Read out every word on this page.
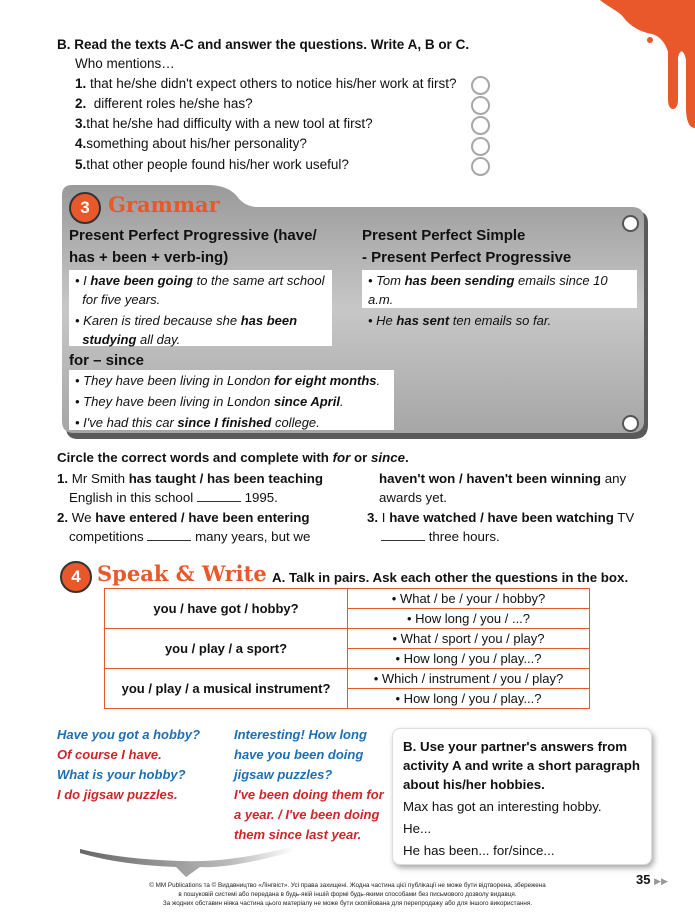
B. Read the texts A-C and answer the questions. Write A, B or C.
Who mentions…
1. that he/she didn't expect others to notice his/her work at first?
2. different roles he/she has?
3.that he/she had difficulty with a new tool at first?
4.something about his/her personality?
5.that other people found his/her work useful?
3 Grammar
Present Perfect Progressive (have/
has + been + verb-ing)
Present Perfect Simple
- Present Perfect Progressive
• I have been going to the same art school
for five years.
• Karen is tired because she has been
studying all day.
• Tom has been sending emails since 10 a.m.
• He has sent ten emails so far.
for – since
• They have been living in London for eight months.
• They have been living in London since April.
• I've had this car since I finished college.
Circle the correct words and complete with for or since.
1. Mr Smith has taught / has been teaching
English in this school	1995.
2. We have entered / have been entering
competitions	many years, but we
haven't won / haven't been winning any
awards yet.
3. I have watched / have been watching TV
three hours.
4 Speak & Write A. Talk in pairs. Ask each other the questions in the box.
you / have got / hobby?	• What / be / your / hobby?
	• How long / you / ...?
you / play / a sport?	• What / sport / you / play?
	• How long / you / play...?
you / play / a musical instrument?	• Which / instrument / you / play?
	• How long / you / play...?
Have you got a hobby?
Of course I have.
What is your hobby?
I do jigsaw puzzles.
Interesting! How long
have you been doing
jigsaw puzzles?
I've been doing them for
a year. / I've been doing
them since last year.
B. Use your partner's answers from activity A and write a short paragraph about his/her hobbies.
Max has got an interesting hobby.
He...
He has been... for/since...
35 ▶▶
© MM Publications та © Видавництво «Лінгвіст». Усі права захищені. Жодна частина цієї публікації не може бути відтворена, збережена
в пошуковій системі або передана в будь-якій іншій формі будь-якими способами без письмового дозволу видавця.
За жодних обставин ніяка частина цього матеріалу не може бути скопійована для перепродажу або для іншого використання.
